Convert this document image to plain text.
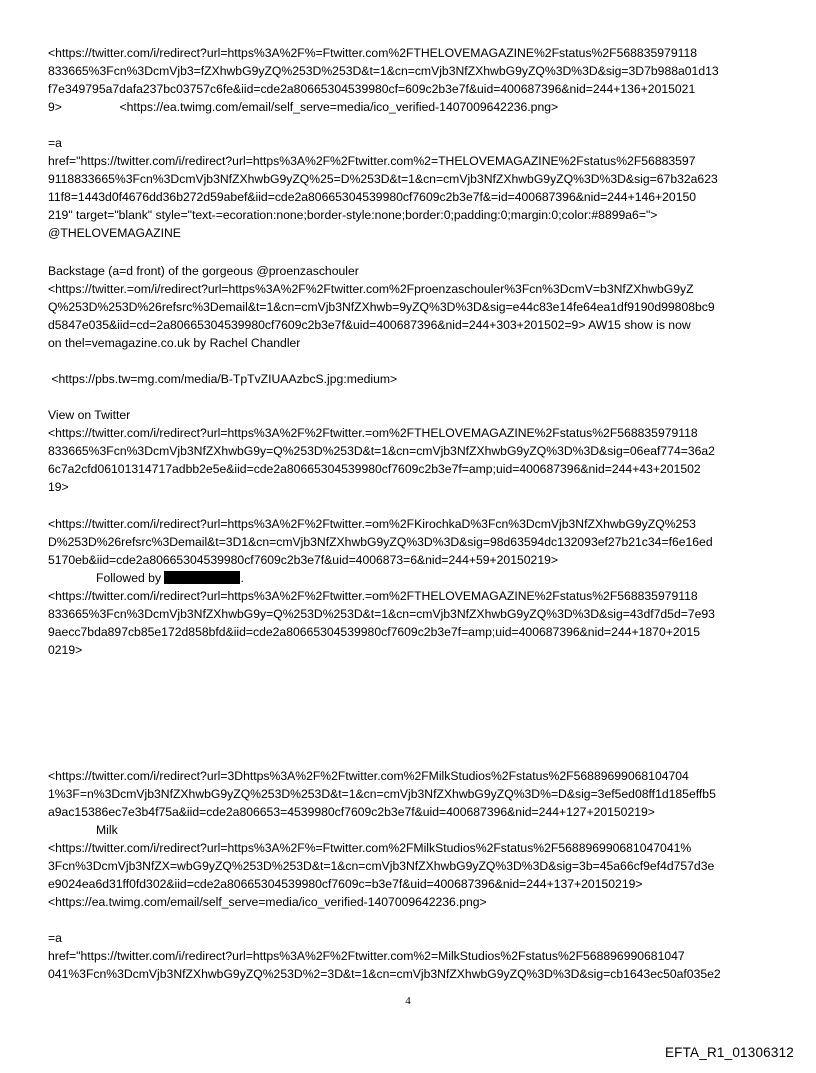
<https://twitter.com/i/redirect?url=https%3A%2F%=Ftwitter.com%2FTHELOVEMAGAZINE%2Fstatus%2F568835979118
833665%3Fcn%3DcmVjb3=fZXhwbG9yZQ%253D%253D&t=1&cn=cmVjb3NfZXhwbG9yZQ%3D%3D&sig=3D7b988a01d13
f7e349795a7dafa237bc03757c6fe&iid=cde2a80665304539980cf=609c2b3e7f&uid=400687396&nid=244+136+2015021
9>                 <https://ea.twimg.com/email/self_serve=media/ico_verified-1407009642236.png>
=a
href="https://twitter.com/i/redirect?url=https%3A%2F%2Ftwitter.com%2=THELOVEMAGAZINE%2Fstatus%2F56883597
9118833665%3Fcn%3DcmVjb3NfZXhwbG9yZQ%25=D%253D&t=1&cn=cmVjb3NfZXhwbG9yZQ%3D%3D&sig=67b32a623
11f8=1443d0f4676dd36b272d59abef&iid=cde2a80665304539980cf7609c2b3e7f&=id=400687396&nid=244+146+20150
219" target="blank" style="text-=ecoration:none;border-style:none;border:0;padding:0;margin:0;color:#8899a6=">
@THELOVEMAGAZINE
Backstage (a=d front) of the gorgeous @proenzaschouler
<https://twitter.=om/i/redirect?url=https%3A%2F%2Ftwitter.com%2Fproenzaschouler%3Fcn%3DcmV=b3NfZXhwbG9yZ
Q%253D%253D%26refsrc%3Demail&t=1&cn=cmVjb3NfZXhwb=9yZQ%3D%3D&sig=e44c83e14fe64ea1df9190d99808bc9
d5847e035&iid=cd=2a80665304539980cf7609c2b3e7f&uid=400687396&nid=244+303+201502=9> AW15 show is now
on thel=vemagazine.co.uk by Rachel Chandler
<https://pbs.tw=mg.com/media/B-TpTvZIUAAzbcS.jpg:medium>
View on Twitter
<https://twitter.com/i/redirect?url=https%3A%2F%2Ftwitter.=om%2FTHELOVEMAGAZINE%2Fstatus%2F568835979118
833665%3Fcn%3DcmVjb3NfZXhwbG9y=Q%253D%253D&t=1&cn=cmVjb3NfZXhwbG9yZQ%3D%3D&sig=06eaf774=36a2
6c7a2cfd06101314717adbb2e5e&iid=cde2a80665304539980cf7609c2b3e7f=amp;uid=400687396&nid=244+43+201502
19>
<https://twitter.com/i/redirect?url=https%3A%2F%2Ftwitter.=om%2FKirochkaD%3Fcn%3DcmVjb3NfZXhwbG9yZQ%253
D%253D%26refsrc%3Demail&t=3D1&cn=cmVjb3NfZXhwbG9yZQ%3D%3D&sig=98d63594dc132093ef27b21c34=f6e16ed
5170eb&iid=cde2a80665304539980cf7609c2b3e7f&uid=4006873=6&nid=244+59+20150219>
Followed by	.
<https://twitter.com/i/redirect?url=https%3A%2F%2Ftwitter.=om%2FTHELOVEMAGAZINE%2Fstatus%2F568835979118
833665%3Fcn%3DcmVjb3NfZXhwbG9y=Q%253D%253D&t=1&cn=cmVjb3NfZXhwbG9yZQ%3D%3D&sig=43df7d5d=7e93
9aecc7bda897cb85e172d858bfd&iid=cde2a80665304539980cf7609c2b3e7f=amp;uid=400687396&nid=244+1870+2015
0219>
<https://twitter.com/i/redirect?url=3Dhttps%3A%2F%2Ftwitter.com%2FMilkStudios%2Fstatus%2F56889699068104704
1%3F=n%3DcmVjb3NfZXhwbG9yZQ%253D%253D&t=1&cn=cmVjb3NfZXhwbG9yZQ%3D%=D&sig=3ef5ed08ff1d185effb5
a9ac15386ec7e3b4f75a&iid=cde2a806653=4539980cf7609c2b3e7f&uid=400687396&nid=244+127+20150219>
Milk
<https://twitter.com/i/redirect?url=https%3A%2F%=Ftwitter.com%2FMilkStudios%2Fstatus%2F568896990681047041%
3Fcn%3DcmVjb3NfZX=wbG9yZQ%253D%253D&t=1&cn=cmVjb3NfZXhwbG9yZQ%3D%3D&sig=3b=45a66cf9ef4d757d3e
e9024ea6d31ff0fd302&iid=cde2a80665304539980cf7609c=b3e7f&uid=400687396&nid=244+137+20150219>
<https://ea.twimg.com/email/self_serve=media/ico_verified-1407009642236.png>
=a
href="https://twitter.com/i/redirect?url=https%3A%2F%2Ftwitter.com%2=MilkStudios%2Fstatus%2F568896990681047
041%3Fcn%3DcmVjb3NfZXhwbG9yZQ%253D%2=3D&t=1&cn=cmVjb3NfZXhwbG9yZQ%3D%3D&sig=cb1643ec50af035e2
4
EFTA_R1_01306312
